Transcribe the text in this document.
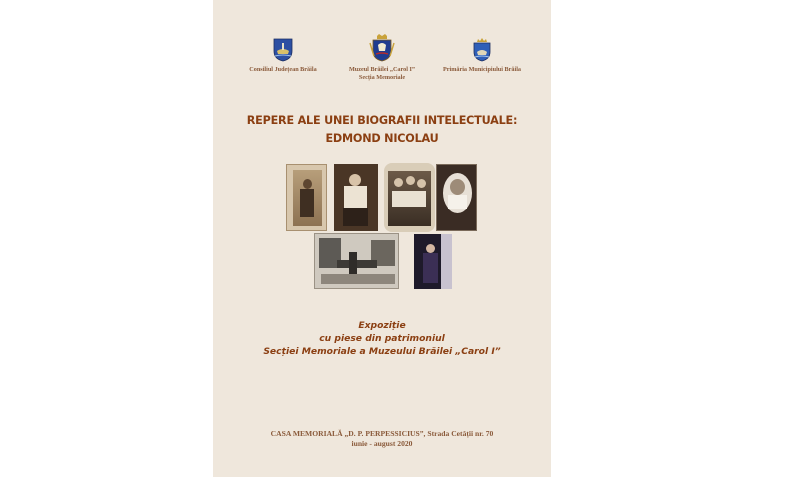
Consiliul Județean Brăila	Muzeul Brăilei „Carol I”
Secția Memoriale
Primăria Municipiului Brăila
REPERE ALE UNEI BIOGRAFII INTELECTUALE:
EDMOND NICOLAU
Expoziție
cu piese din patrimoniul
Secției Memoriale a Muzeului Brăilei „Carol I”
CASA MEMORIALĂ „D. P. PERPESSICIUS”, Strada Cetății nr. 70
iunie - august 2020
